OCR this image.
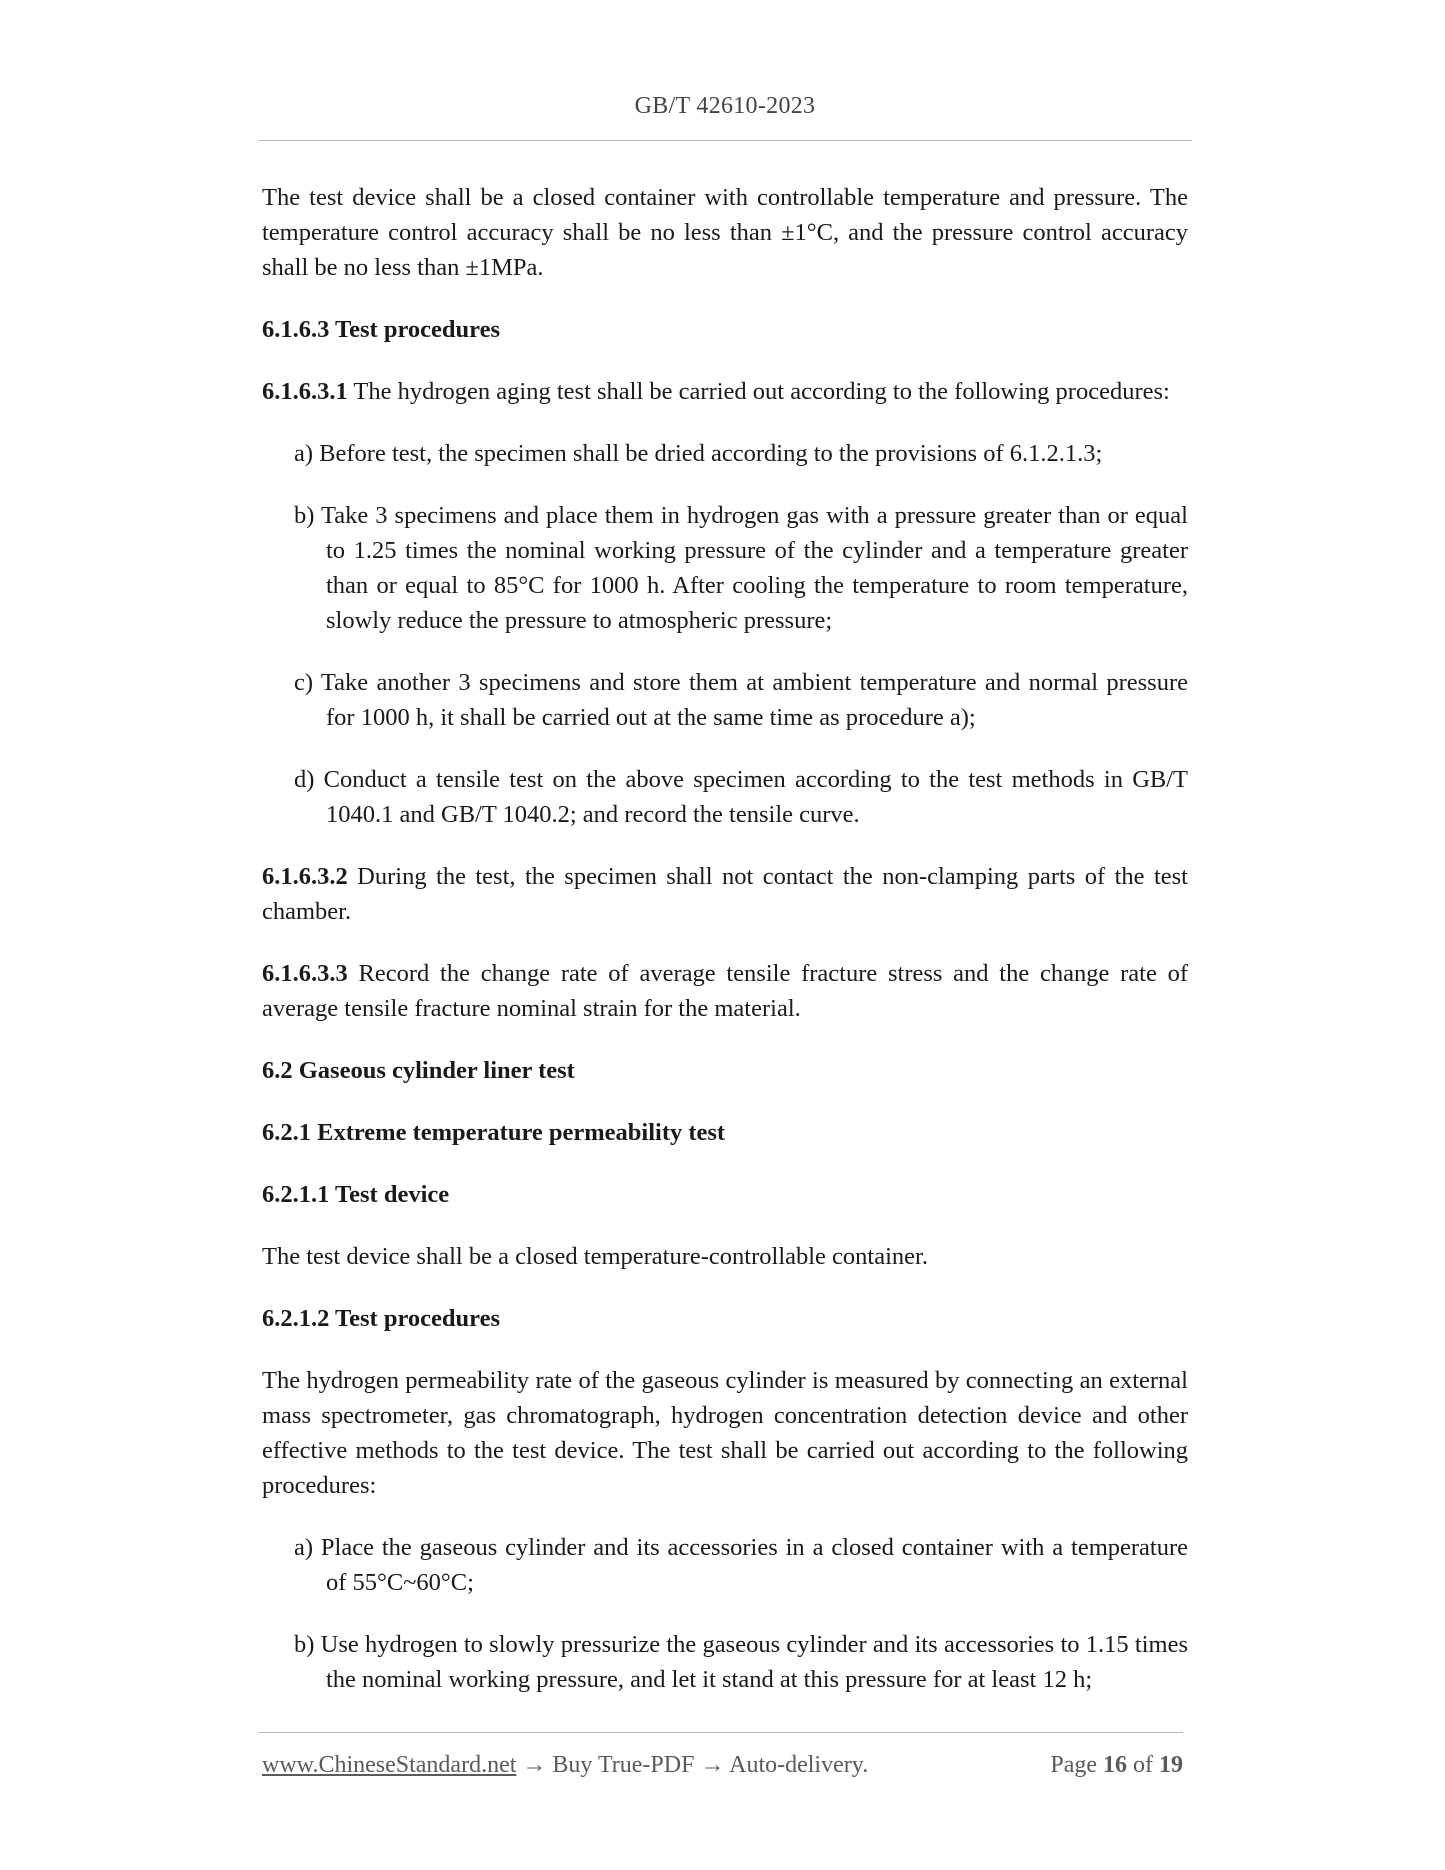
GB/T 42610-2023

The test device shall be a closed container with controllable temperature and pressure. The temperature control accuracy shall be no less than ±1°C, and the pressure control accuracy shall be no less than ±1MPa.

6.1.6.3 Test procedures

6.1.6.3.1 The hydrogen aging test shall be carried out according to the following procedures:

a) Before test, the specimen shall be dried according to the provisions of 6.1.2.1.3;

b) Take 3 specimens and place them in hydrogen gas with a pressure greater than or equal to 1.25 times the nominal working pressure of the cylinder and a temperature greater than or equal to 85°C for 1000 h. After cooling the temperature to room temperature, slowly reduce the pressure to atmospheric pressure;

c) Take another 3 specimens and store them at ambient temperature and normal pressure for 1000 h, it shall be carried out at the same time as procedure a);

d) Conduct a tensile test on the above specimen according to the test methods in GB/T 1040.1 and GB/T 1040.2; and record the tensile curve.

6.1.6.3.2 During the test, the specimen shall not contact the non-clamping parts of the test chamber.

6.1.6.3.3 Record the change rate of average tensile fracture stress and the change rate of average tensile fracture nominal strain for the material.

6.2 Gaseous cylinder liner test

6.2.1 Extreme temperature permeability test

6.2.1.1 Test device

The test device shall be a closed temperature-controllable container.

6.2.1.2 Test procedures

The hydrogen permeability rate of the gaseous cylinder is measured by connecting an external mass spectrometer, gas chromatograph, hydrogen concentration detection device and other effective methods to the test device. The test shall be carried out according to the following procedures:

a) Place the gaseous cylinder and its accessories in a closed container with a temperature of 55°C~60°C;

b) Use hydrogen to slowly pressurize the gaseous cylinder and its accessories to 1.15 times the nominal working pressure, and let it stand at this pressure for at least 12 h;

www.ChineseStandard.net → Buy True-PDF → Auto-delivery.	Page 16 of 19
